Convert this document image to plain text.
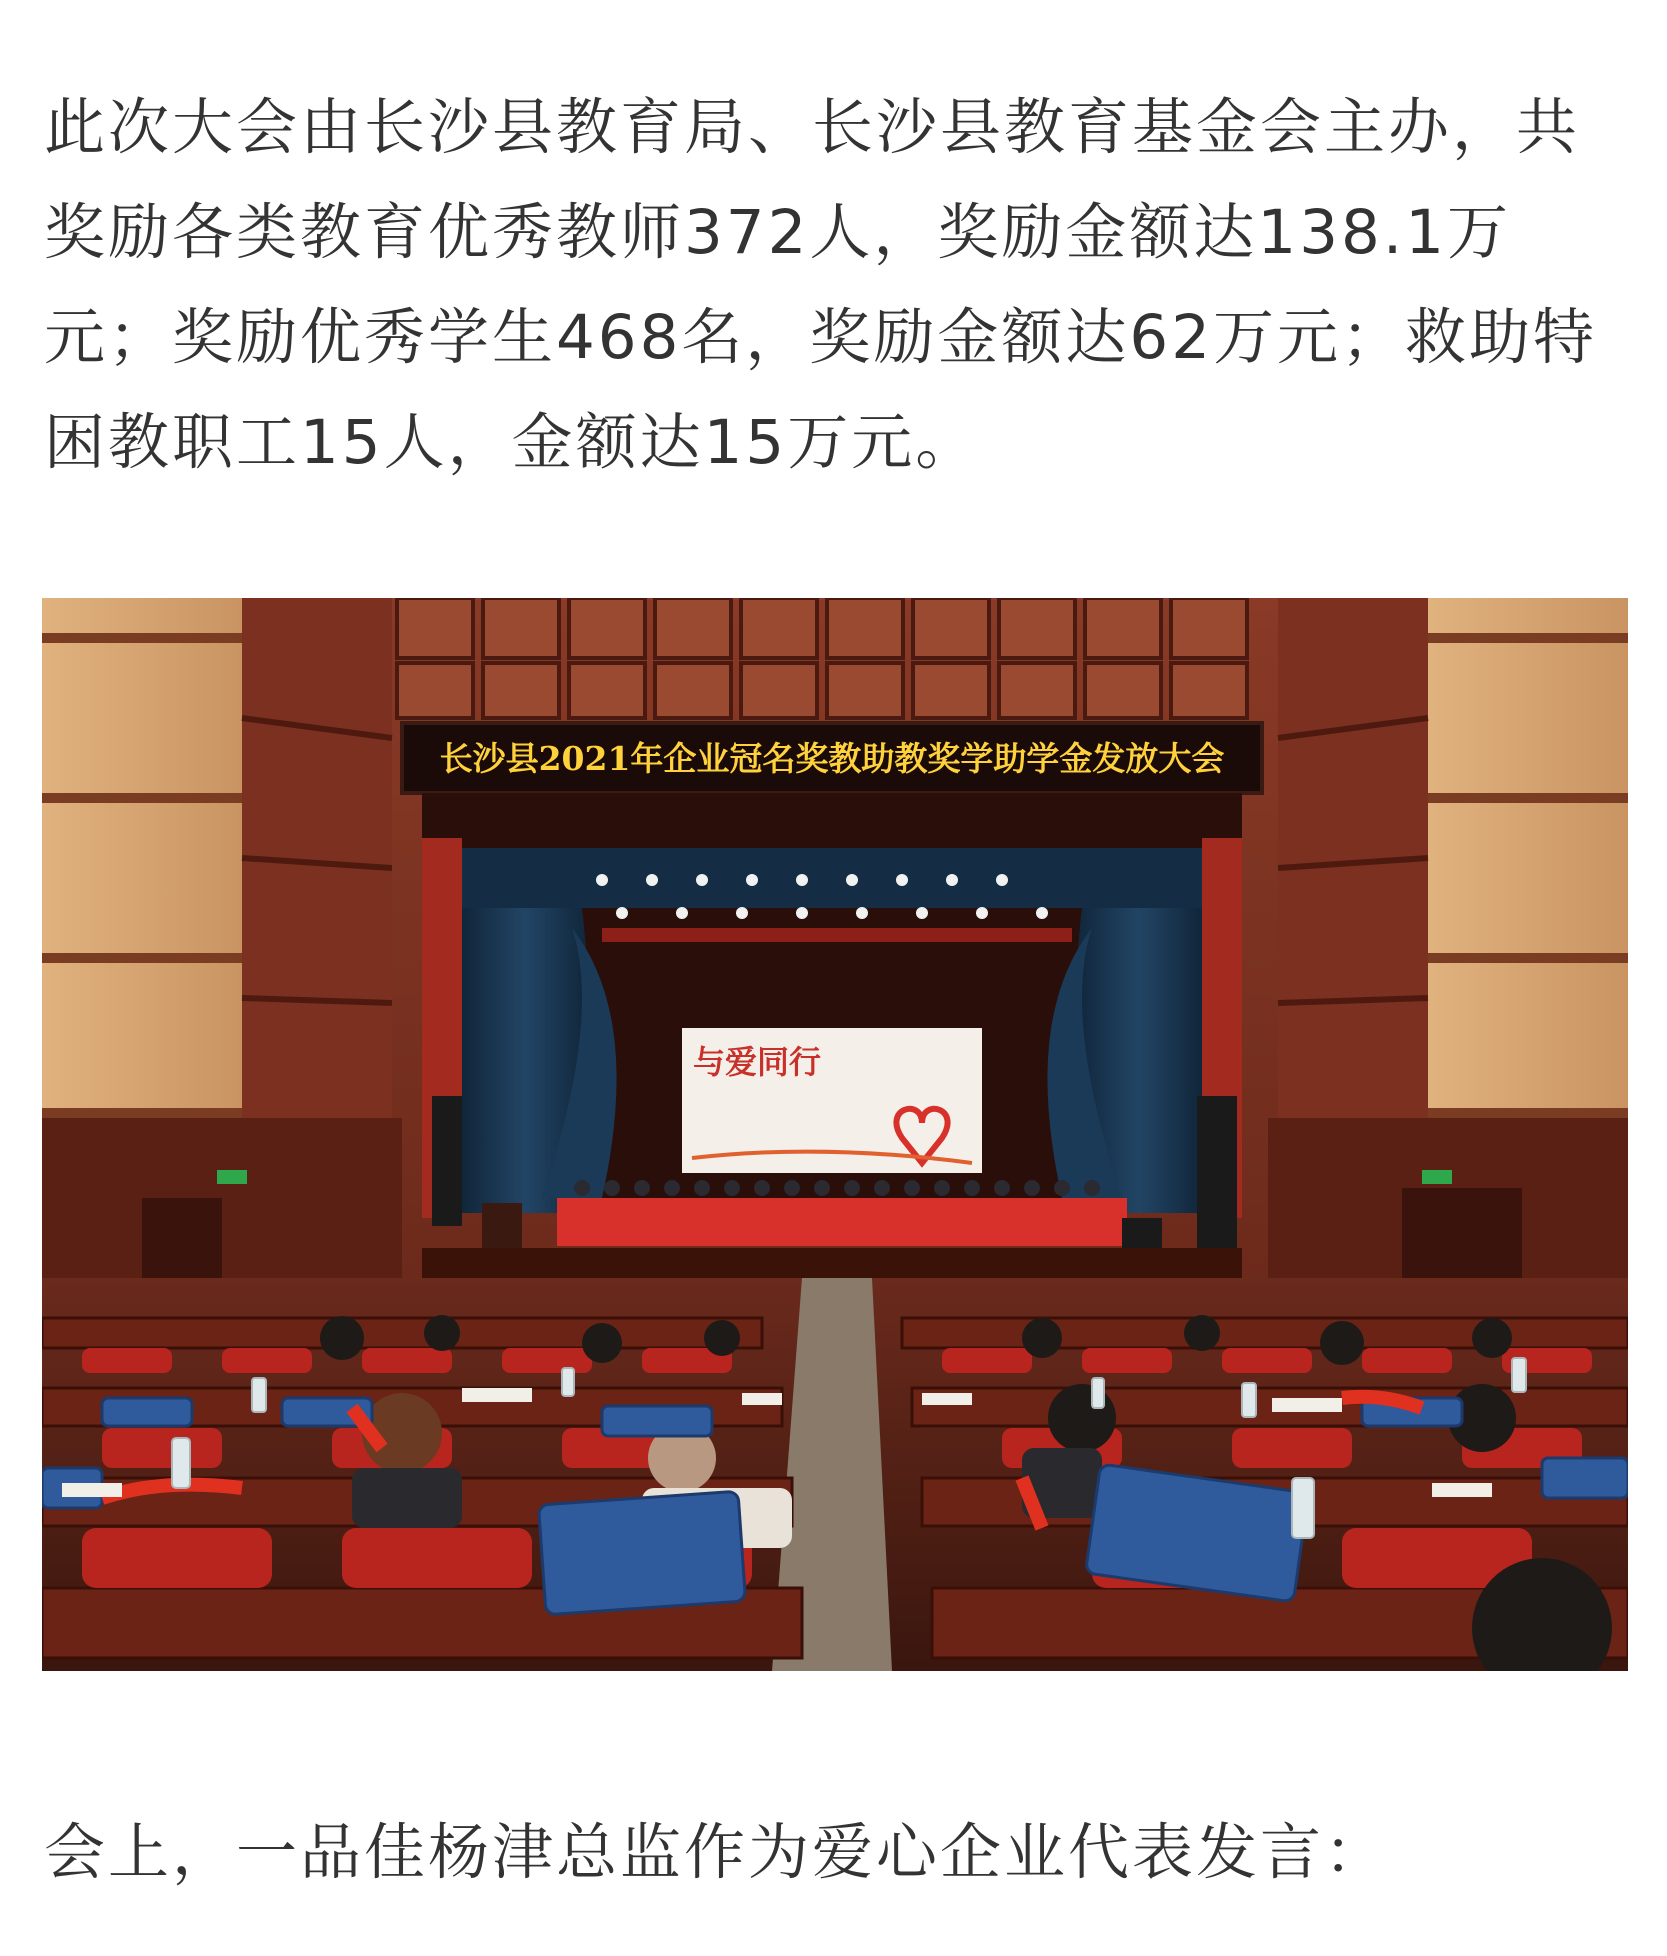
此次大会由长沙县教育局、长沙县教育基金会主办，共奖励各类教育优秀教师372人，奖励金额达138.1万元；奖励优秀学生468名，奖励金额达62万元；救助特困教职工15人，金额达15万元。

长沙县2021年企业冠名奖教助教奖学助学金发放大会
与爱同行

会上，一品佳杨津总监作为爱心企业代表发言：
